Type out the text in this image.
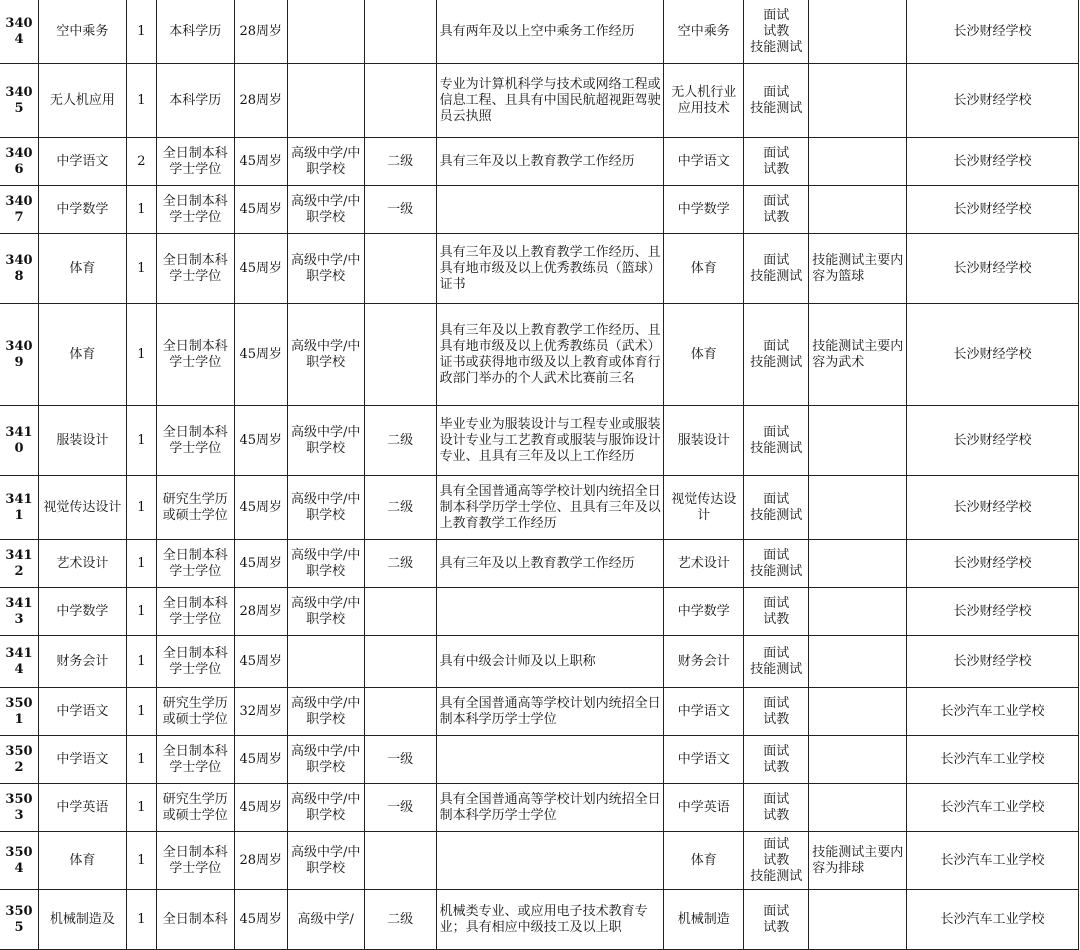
3404	空中乘务	1	本科学历	28周岁			具有两年及以上空中乘务工作经历	空中乘务	面试
试教
技能测试		长沙财经学校
3405	无人机应用	1	本科学历	28周岁			专业为计算机科学与技术或网络工程或信息工程、且具有中国民航超视距驾驶员云执照	无人机行业应用技术	面试
技能测试		长沙财经学校
3406	中学语文	2	全日制本科
学士学位	45周岁	高级中学/中职学校	二级	具有三年及以上教育教学工作经历	中学语文	面试
试教		长沙财经学校
3407	中学数学	1	全日制本科
学士学位	45周岁	高级中学/中职学校	一级		中学数学	面试
试教		长沙财经学校
3408	体育	1	全日制本科
学士学位	45周岁	高级中学/中职学校		具有三年及以上教育教学工作经历、且具有地市级及以上优秀教练员（篮球）证书	体育	面试
技能测试	技能测试主要内容为篮球	长沙财经学校
3409	体育	1	全日制本科
学士学位	45周岁	高级中学/中职学校		具有三年及以上教育教学工作经历、且具有地市级及以上优秀教练员（武术）证书或获得地市级及以上教育或体育行政部门举办的个人武术比赛前三名	体育	面试
技能测试	技能测试主要内容为武术	长沙财经学校
3410	服装设计	1	全日制本科
学士学位	45周岁	高级中学/中职学校	二级	毕业专业为服装设计与工程专业或服装设计专业与工艺教育或服装与服饰设计专业、且具有三年及以上工作经历	服装设计	面试
技能测试		长沙财经学校
3411	视觉传达设计	1	研究生学历或硕士学位	45周岁	高级中学/中职学校	二级	具有全国普通高等学校计划内统招全日制本科学历学士学位、且具有三年及以上教育教学工作经历	视觉传达设计	面试
技能测试		长沙财经学校
3412	艺术设计	1	全日制本科
学士学位	45周岁	高级中学/中职学校	二级	具有三年及以上教育教学工作经历	艺术设计	面试
技能测试		长沙财经学校
3413	中学数学	1	全日制本科
学士学位	28周岁	高级中学/中职学校			中学数学	面试
试教		长沙财经学校
3414	财务会计	1	全日制本科
学士学位	45周岁			具有中级会计师及以上职称	财务会计	面试
技能测试		长沙财经学校
3501	中学语文	1	研究生学历或硕士学位	32周岁	高级中学/中职学校		具有全国普通高等学校计划内统招全日制本科学历学士学位	中学语文	面试
试教		长沙汽车工业学校
3502	中学语文	1	全日制本科
学士学位	45周岁	高级中学/中职学校	一级		中学语文	面试
试教		长沙汽车工业学校
3503	中学英语	1	研究生学历或硕士学位	45周岁	高级中学/中职学校	一级	具有全国普通高等学校计划内统招全日制本科学历学士学位	中学英语	面试
试教		长沙汽车工业学校
3504	体育	1	全日制本科
学士学位	28周岁	高级中学/中职学校			体育	面试
试教
技能测试	技能测试主要内容为排球	长沙汽车工业学校
3505	机械制造及	1	全日制本科	45周岁	高级中学/	二级	机械类专业、或应用电子技术教育专业；具有相应中级技工及以上职	机械制造	面试
试教		长沙汽车工业学校
